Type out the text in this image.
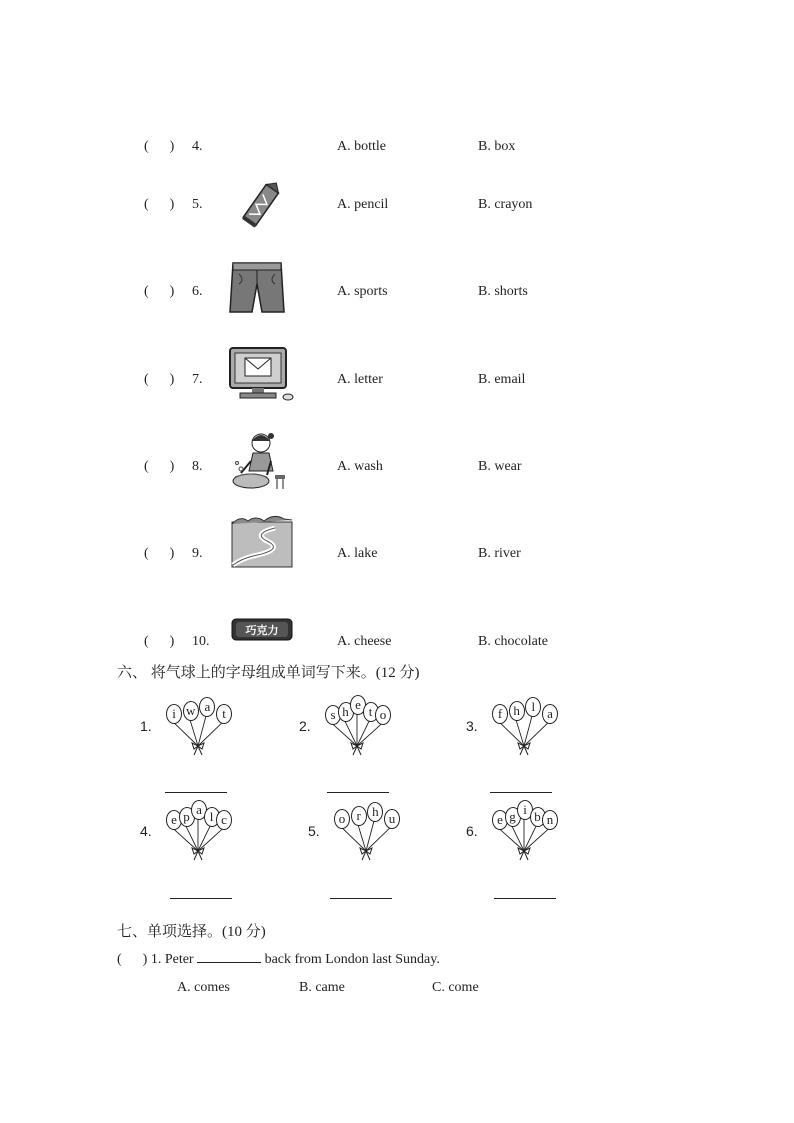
(      ) 4.	A. bottle	B. box
(      ) 5.	A. pencil	B. crayon
(      ) 6.	A. sports	B. shorts
(      ) 7.	A. letter	B. email
(      ) 8.	A. wash	B. wear
(      ) 9.	A. lake	B. river
(      ) 10.	A. cheese	B. chocolate
巧克力
六、 将气球上的字母组成单词写下来。(12 分)
1.
i w a t
2.
s h e t o
3.
f h l a
4.
e p a l c
5.
o r h u
6.
e g i b n
七、单项选择。(10 分)
(      ) 1. Peter	back from London last Sunday.
A. comes	B. came	C. come
